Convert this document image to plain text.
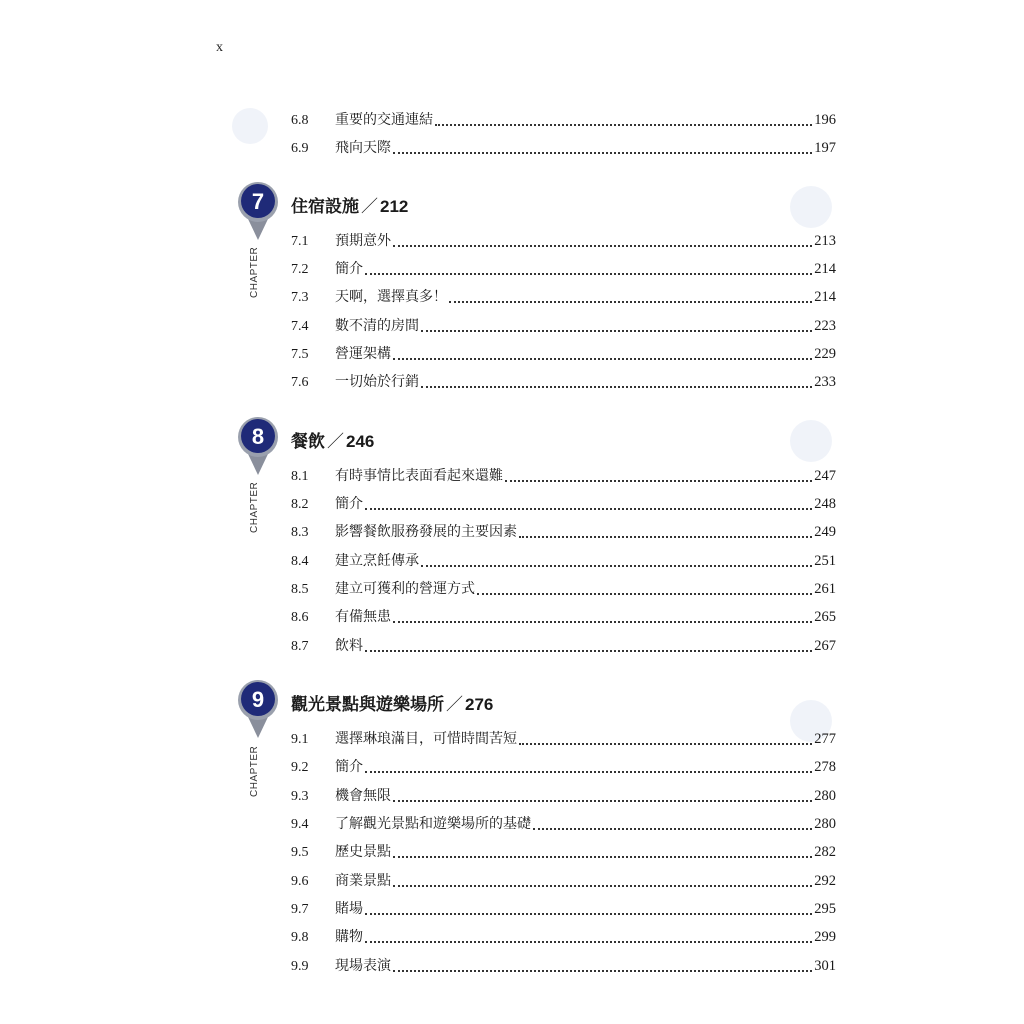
x
6.8	重要的交通連結	196
6.9	飛向天際	197
7
CHAPTER
住宿設施 ／ 212
7.1	預期意外	213
7.2	簡介	214
7.3	天啊，選擇真多！	214
7.4	數不清的房間	223
7.5	營運架構	229
7.6	一切始於行銷	233
8
CHAPTER
餐飲 ／ 246
8.1	有時事情比表面看起來還難	247
8.2	簡介	248
8.3	影響餐飲服務發展的主要因素	249
8.4	建立烹飪傳承	251
8.5	建立可獲利的營運方式	261
8.6	有備無患	265
8.7	飲料	267
9
CHAPTER
觀光景點與遊樂場所 ／ 276
9.1	選擇琳琅滿目，可惜時間苦短	277
9.2	簡介	278
9.3	機會無限	280
9.4	了解觀光景點和遊樂場所的基礎	280
9.5	歷史景點	282
9.6	商業景點	292
9.7	賭場	295
9.8	購物	299
9.9	現場表演	301
